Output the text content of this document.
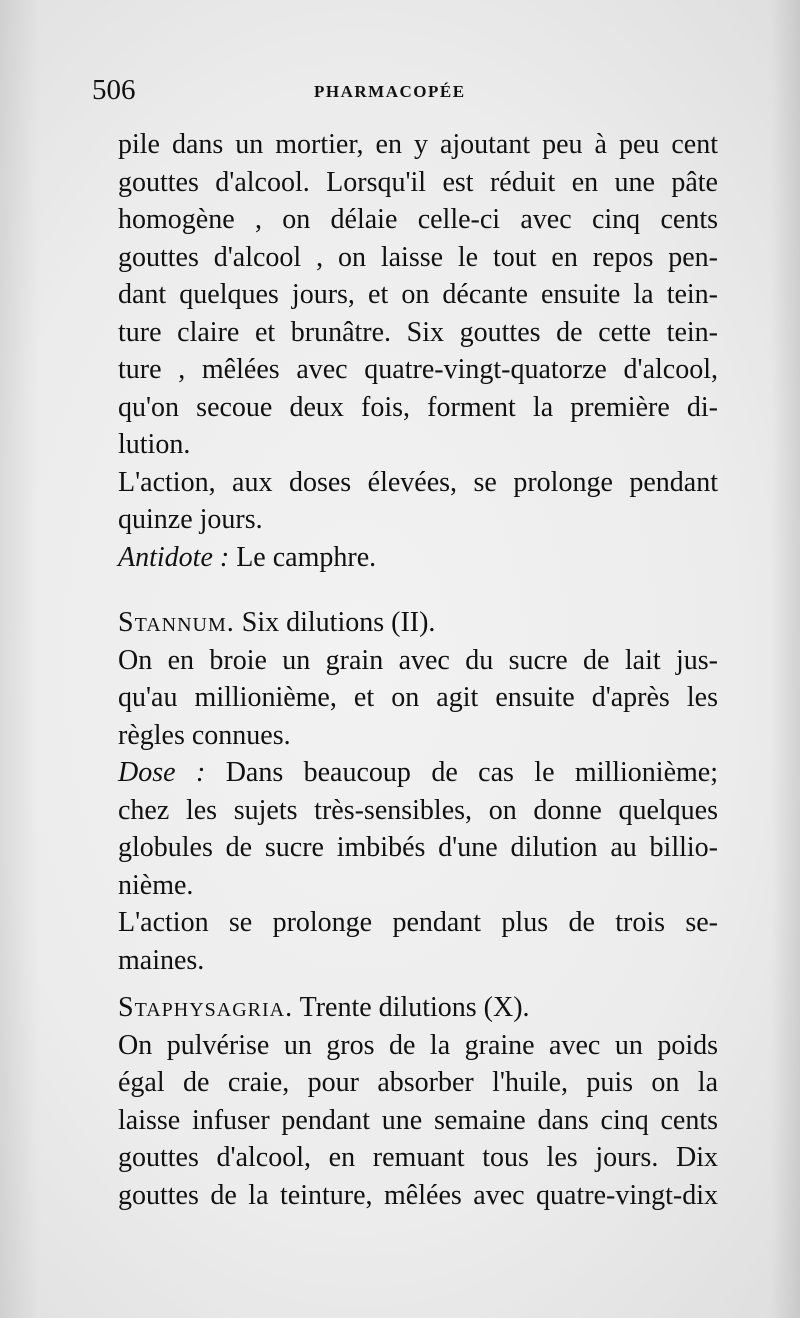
506	PHARMACOPÉE
pile dans un mortier, en y ajoutant peu à peu cent
gouttes d'alcool. Lorsqu'il est réduit en une pâte
homogène , on délaie celle-ci avec cinq cents
gouttes d'alcool , on laisse le tout en repos pen-
dant quelques jours, et on décante ensuite la tein-
ture claire et brunâtre. Six gouttes de cette tein-
ture , mêlées avec quatre-vingt-quatorze d'alcool,
qu'on secoue deux fois, forment la première di-
lution.
L'action, aux doses élevées, se prolonge pendant
quinze jours.
Antidote : Le camphre.
Stannum. Six dilutions (II).
On en broie un grain avec du sucre de lait jus-
qu'au millionième, et on agit ensuite d'après les
règles connues.
Dose : Dans beaucoup de cas le millionième;
chez les sujets très-sensibles, on donne quelques
globules de sucre imbibés d'une dilution au billio-
nième.
L'action se prolonge pendant plus de trois se-
maines.
Staphysagria. Trente dilutions (X).
On pulvérise un gros de la graine avec un poids
égal de craie, pour absorber l'huile, puis on la
laisse infuser pendant une semaine dans cinq cents
gouttes d'alcool, en remuant tous les jours. Dix
gouttes de la teinture, mêlées avec quatre-vingt-dix
